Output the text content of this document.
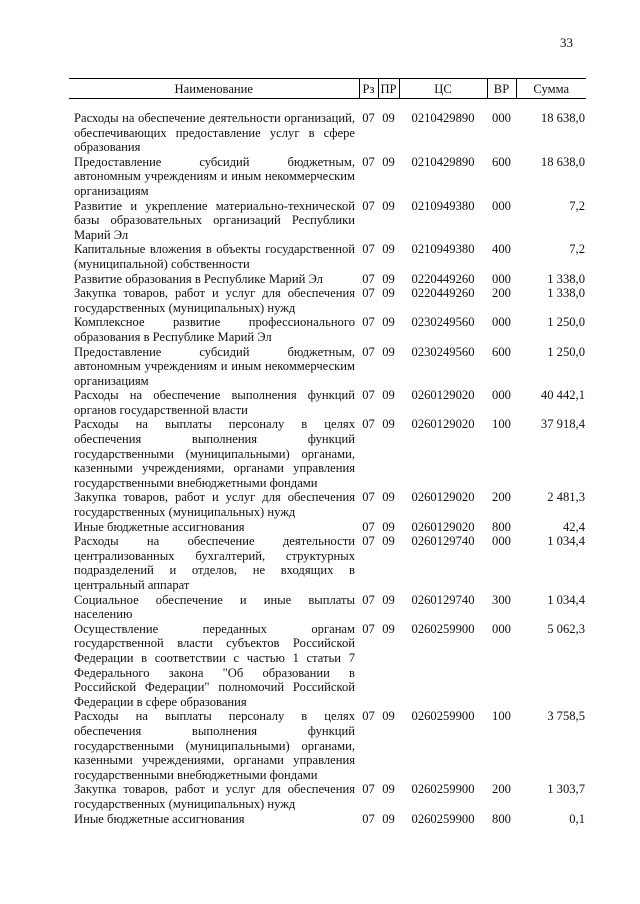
33
Наименование	Рз	ПР	ЦС	ВР	Сумма
Расходы на обеспечение деятельности организаций, обеспечивающих предоставление услуг в сфере образования	07	09	0210429890	000	18 638,0
Предоставление субсидий бюджетным, автономным учреждениям и иным некоммерческим организациям	07	09	0210429890	600	18 638,0
Развитие и укрепление материально-технической базы образовательных организаций Республики Марий Эл	07	09	0210949380	000	7,2
Капитальные вложения в объекты государственной (муниципальной) собственности	07	09	0210949380	400	7,2
Развитие образования в Республике Марий Эл	07	09	0220449260	000	1 338,0
Закупка товаров, работ и услуг для обеспечения государственных (муниципальных) нужд	07	09	0220449260	200	1 338,0
Комплексное развитие профессионального образования в Республике Марий Эл	07	09	0230249560	000	1 250,0
Предоставление субсидий бюджетным, автономным учреждениям и иным некоммерческим организациям	07	09	0230249560	600	1 250,0
Расходы на обеспечение выполнения функций органов государственной власти	07	09	0260129020	000	40 442,1
Расходы на выплаты персоналу в целях обеспечения выполнения функций государственными (муниципальными) органами, казенными учреждениями, органами управления государственными внебюджетными фондами	07	09	0260129020	100	37 918,4
Закупка товаров, работ и услуг для обеспечения государственных (муниципальных) нужд	07	09	0260129020	200	2 481,3
Иные бюджетные ассигнования	07	09	0260129020	800	42,4
Расходы на обеспечение деятельности централизованных бухгалтерий, структурных подразделений и отделов, не входящих в центральный аппарат	07	09	0260129740	000	1 034,4
Социальное обеспечение и иные выплаты населению	07	09	0260129740	300	1 034,4
Осуществление переданных органам государственной власти субъектов Российской Федерации в соответствии с частью 1 статьи 7 Федерального закона "Об образовании в Российской Федерации" полномочий Российской Федерации в сфере образования	07	09	0260259900	000	5 062,3
Расходы на выплаты персоналу в целях обеспечения выполнения функций государственными (муниципальными) органами, казенными учреждениями, органами управления государственными внебюджетными фондами	07	09	0260259900	100	3 758,5
Закупка товаров, работ и услуг для обеспечения государственных (муниципальных) нужд	07	09	0260259900	200	1 303,7
Иные бюджетные ассигнования	07	09	0260259900	800	0,1
